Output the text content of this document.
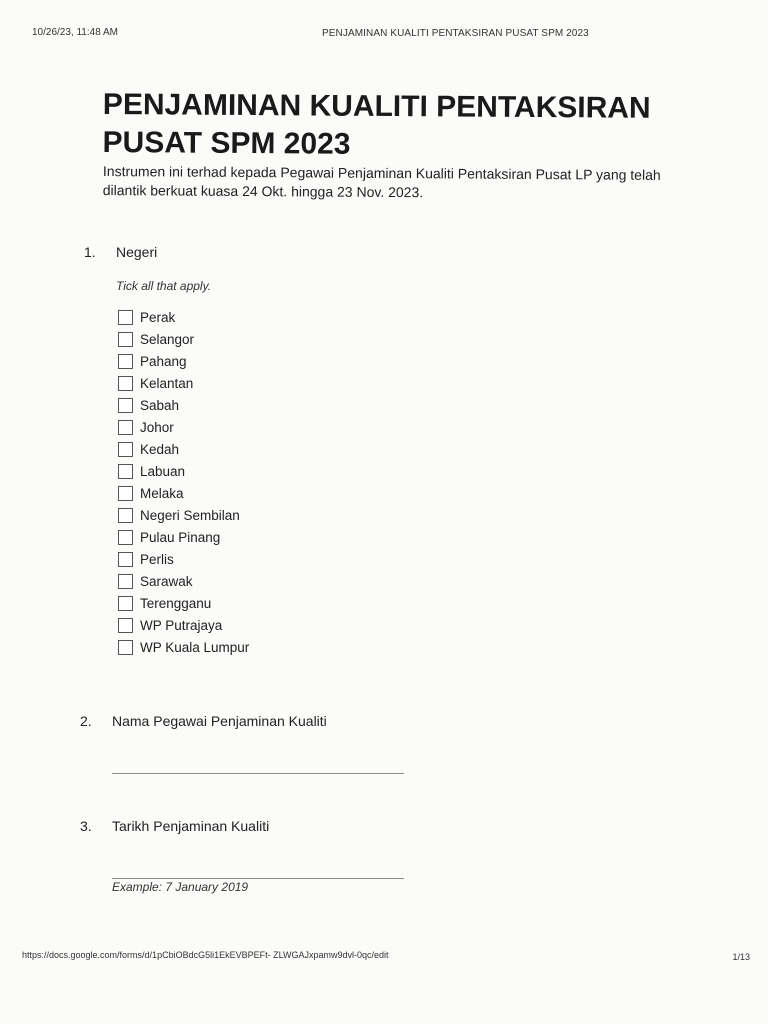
10/26/23, 11:48 AM	PENJAMINAN KUALITI PENTAKSIRAN PUSAT SPM 2023
PENJAMINAN KUALITI PENTAKSIRAN PUSAT SPM 2023

Instrumen ini terhad kepada Pegawai Penjaminan Kualiti Pentaksiran Pusat LP yang telah dilantik berkuat kuasa 24 Okt. hingga 23 Nov. 2023.

1. Negeri
Tick all that apply.
Perak
Selangor
Pahang
Kelantan
Sabah
Johor
Kedah
Labuan
Melaka
Negeri Sembilan
Pulau Pinang
Perlis
Sarawak
Terengganu
WP Putrajaya
WP Kuala Lumpur
2. Nama Pegawai Penjaminan Kualiti
3. Tarikh Penjaminan Kualiti
Example: 7 January 2019
https://docs.google.com/forms/d/1pCbiOBdcG5li1EkEVBPEFt- ZLWGAJxpamw9dvl-0qc/edit	1/13
